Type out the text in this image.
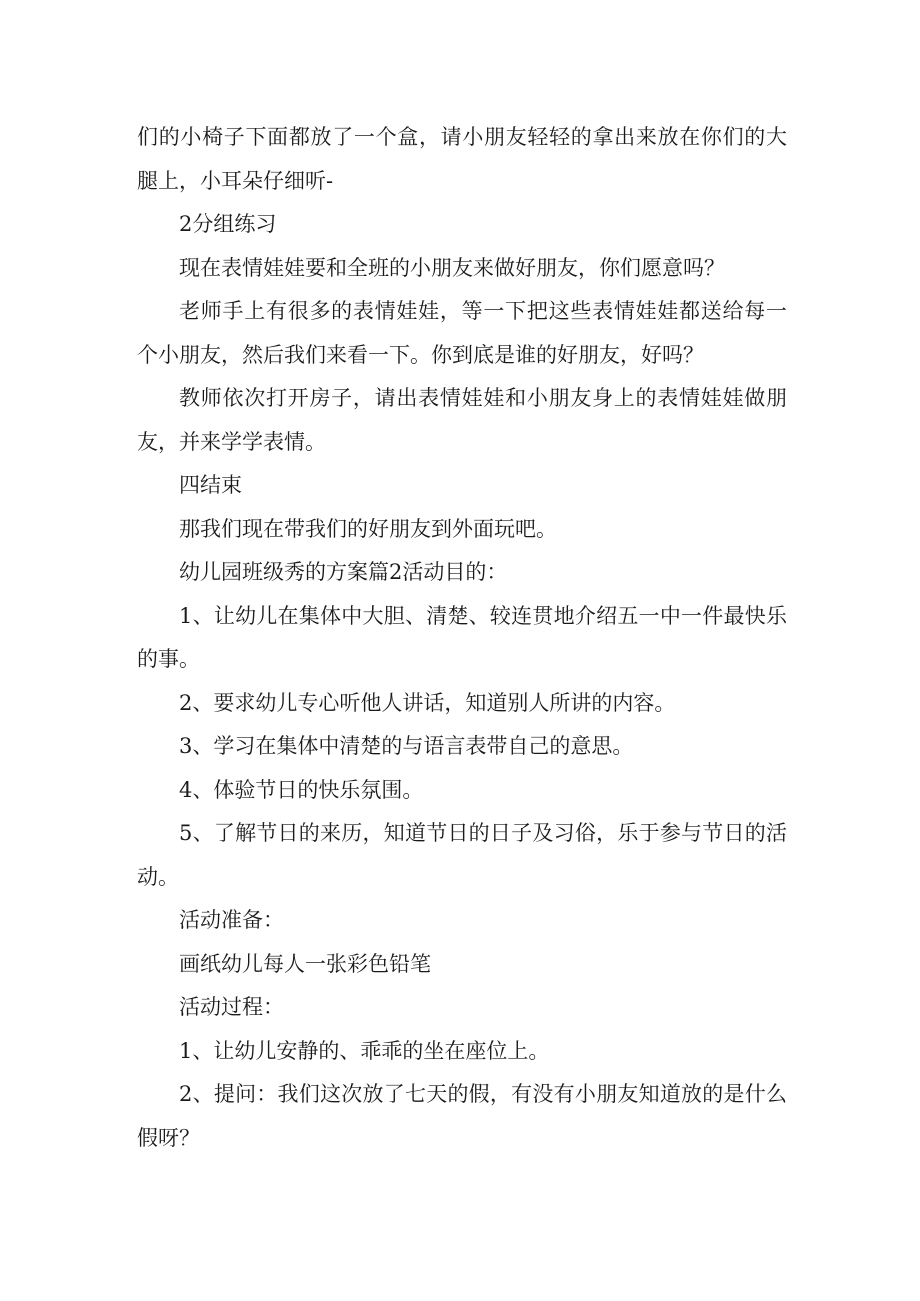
们的小椅子下面都放了一个盒，请小朋友轻轻的拿出来放在你们的大腿上，小耳朵仔细听-

2分组练习

现在表情娃娃要和全班的小朋友来做好朋友，你们愿意吗？

老师手上有很多的表情娃娃，等一下把这些表情娃娃都送给每一个小朋友，然后我们来看一下。你到底是谁的好朋友，好吗？

教师依次打开房子，请出表情娃娃和小朋友身上的表情娃娃做朋友，并来学学表情。

四结束

那我们现在带我们的好朋友到外面玩吧。

幼儿园班级秀的方案篇2活动目的：

1、让幼儿在集体中大胆、清楚、较连贯地介绍五一中一件最快乐的事。

2、要求幼儿专心听他人讲话，知道别人所讲的内容。

3、学习在集体中清楚的与语言表带自己的意思。

4、体验节日的快乐氛围。

5、了解节日的来历，知道节日的日子及习俗，乐于参与节日的活动。

活动准备：

画纸幼儿每人一张彩色铅笔

活动过程：

1、让幼儿安静的、乖乖的坐在座位上。

2、提问：我们这次放了七天的假，有没有小朋友知道放的是什么假呀？
